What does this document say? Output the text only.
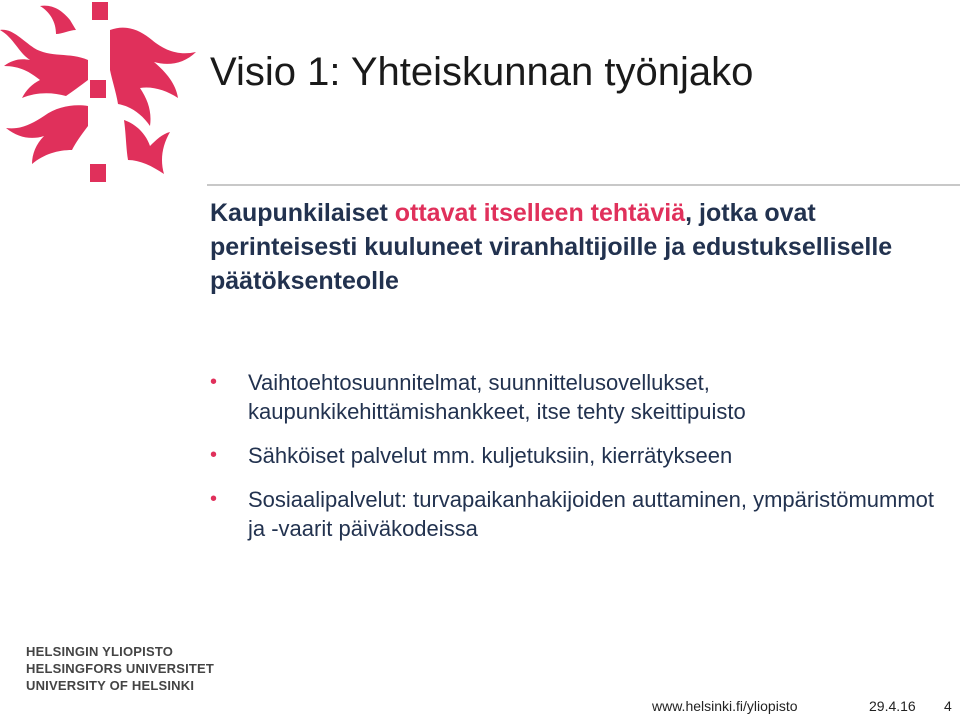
Visio 1: Yhteiskunnan työnjako

Kaupunkilaiset ottavat itselleen tehtäviä, jotka ovat perinteisesti kuuluneet viranhaltijoille ja edustukselliselle päätöksenteolle

• Vaihtoehtosuunnitelmat, suunnittelusovellukset, kaupunkikehittämishankkeet, itse tehty skeittipuisto
• Sähköiset palvelut mm. kuljetuksiin, kierrätykseen
• Sosiaalipalvelut: turvapaikanhakijoiden auttaminen, ympäristömummot ja -vaarit päiväkodeissa
HELSINGIN YLIOPISTO
HELSINGFORS UNIVERSITET
UNIVERSITY OF HELSINKI
www.helsinki.fi/yliopisto	29.4.16 4
